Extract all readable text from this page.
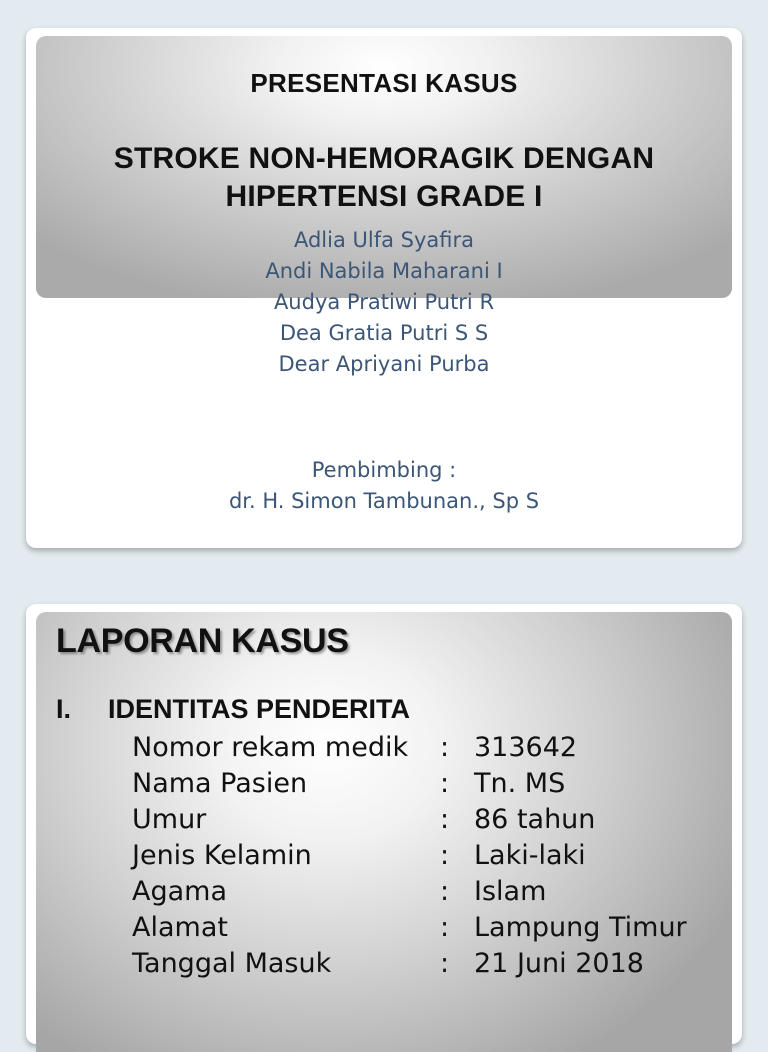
PRESENTASI KASUS
STROKE NON-HEMORAGIK DENGAN
HIPERTENSI GRADE I
Adlia Ulfa Syafira
Andi Nabila Maharani I
Audya Pratiwi Putri R
Dea Gratia Putri S S
Dear Apriyani Purba
Pembimbing :
dr. H. Simon Tambunan., Sp S
LAPORAN KASUS
I. IDENTITAS PENDERITA
Nomor rekam medik : 313642
Nama Pasien	: Tn. MS
Umur	: 86 tahun
Jenis Kelamin	: Laki-laki
Agama	: Islam
Alamat	: Lampung Timur
Tanggal Masuk	: 21 Juni 2018
